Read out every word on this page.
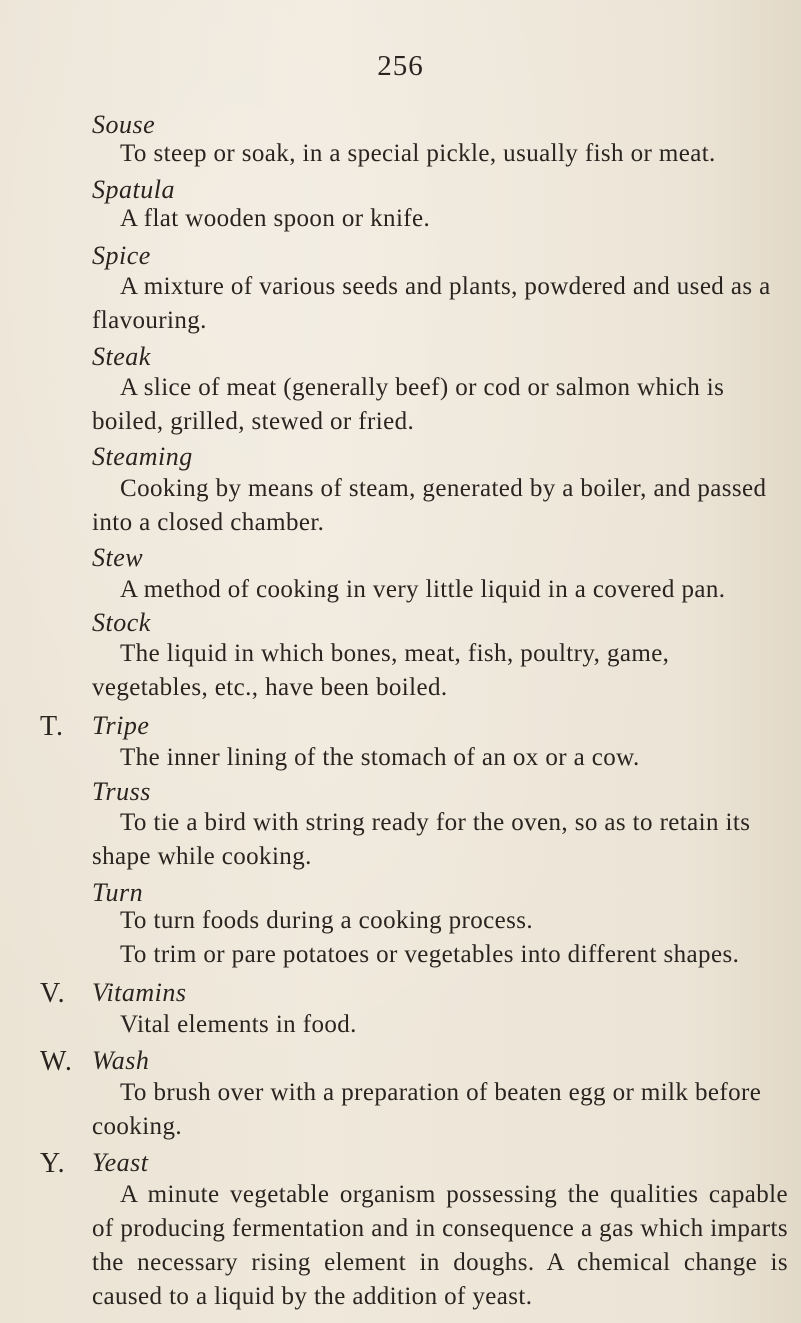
256
Souse
To steep or soak, in a special pickle, usually fish or meat.
Spatula
A flat wooden spoon or knife.
Spice
A mixture of various seeds and plants, powdered and used as a flavouring.
Steak
A slice of meat (generally beef) or cod or salmon which is boiled, grilled, stewed or fried.
Steaming
Cooking by means of steam, generated by a boiler, and passed into a closed chamber.
Stew
A method of cooking in very little liquid in a covered pan.
Stock
The liquid in which bones, meat, fish, poultry, game, vegetables, etc., have been boiled.
T. Tripe
The inner lining of the stomach of an ox or a cow.
Truss
To tie a bird with string ready for the oven, so as to retain its shape while cooking.
Turn
To turn foods during a cooking process.
To trim or pare potatoes or vegetables into different shapes.
V. Vitamins
Vital elements in food.
W. Wash
To brush over with a preparation of beaten egg or milk before cooking.
Y. Yeast
A minute vegetable organism possessing the qualities capable of producing fermentation and in consequence a gas which imparts the necessary rising element in doughs. A chemical change is caused to a liquid by the addition of yeast.
